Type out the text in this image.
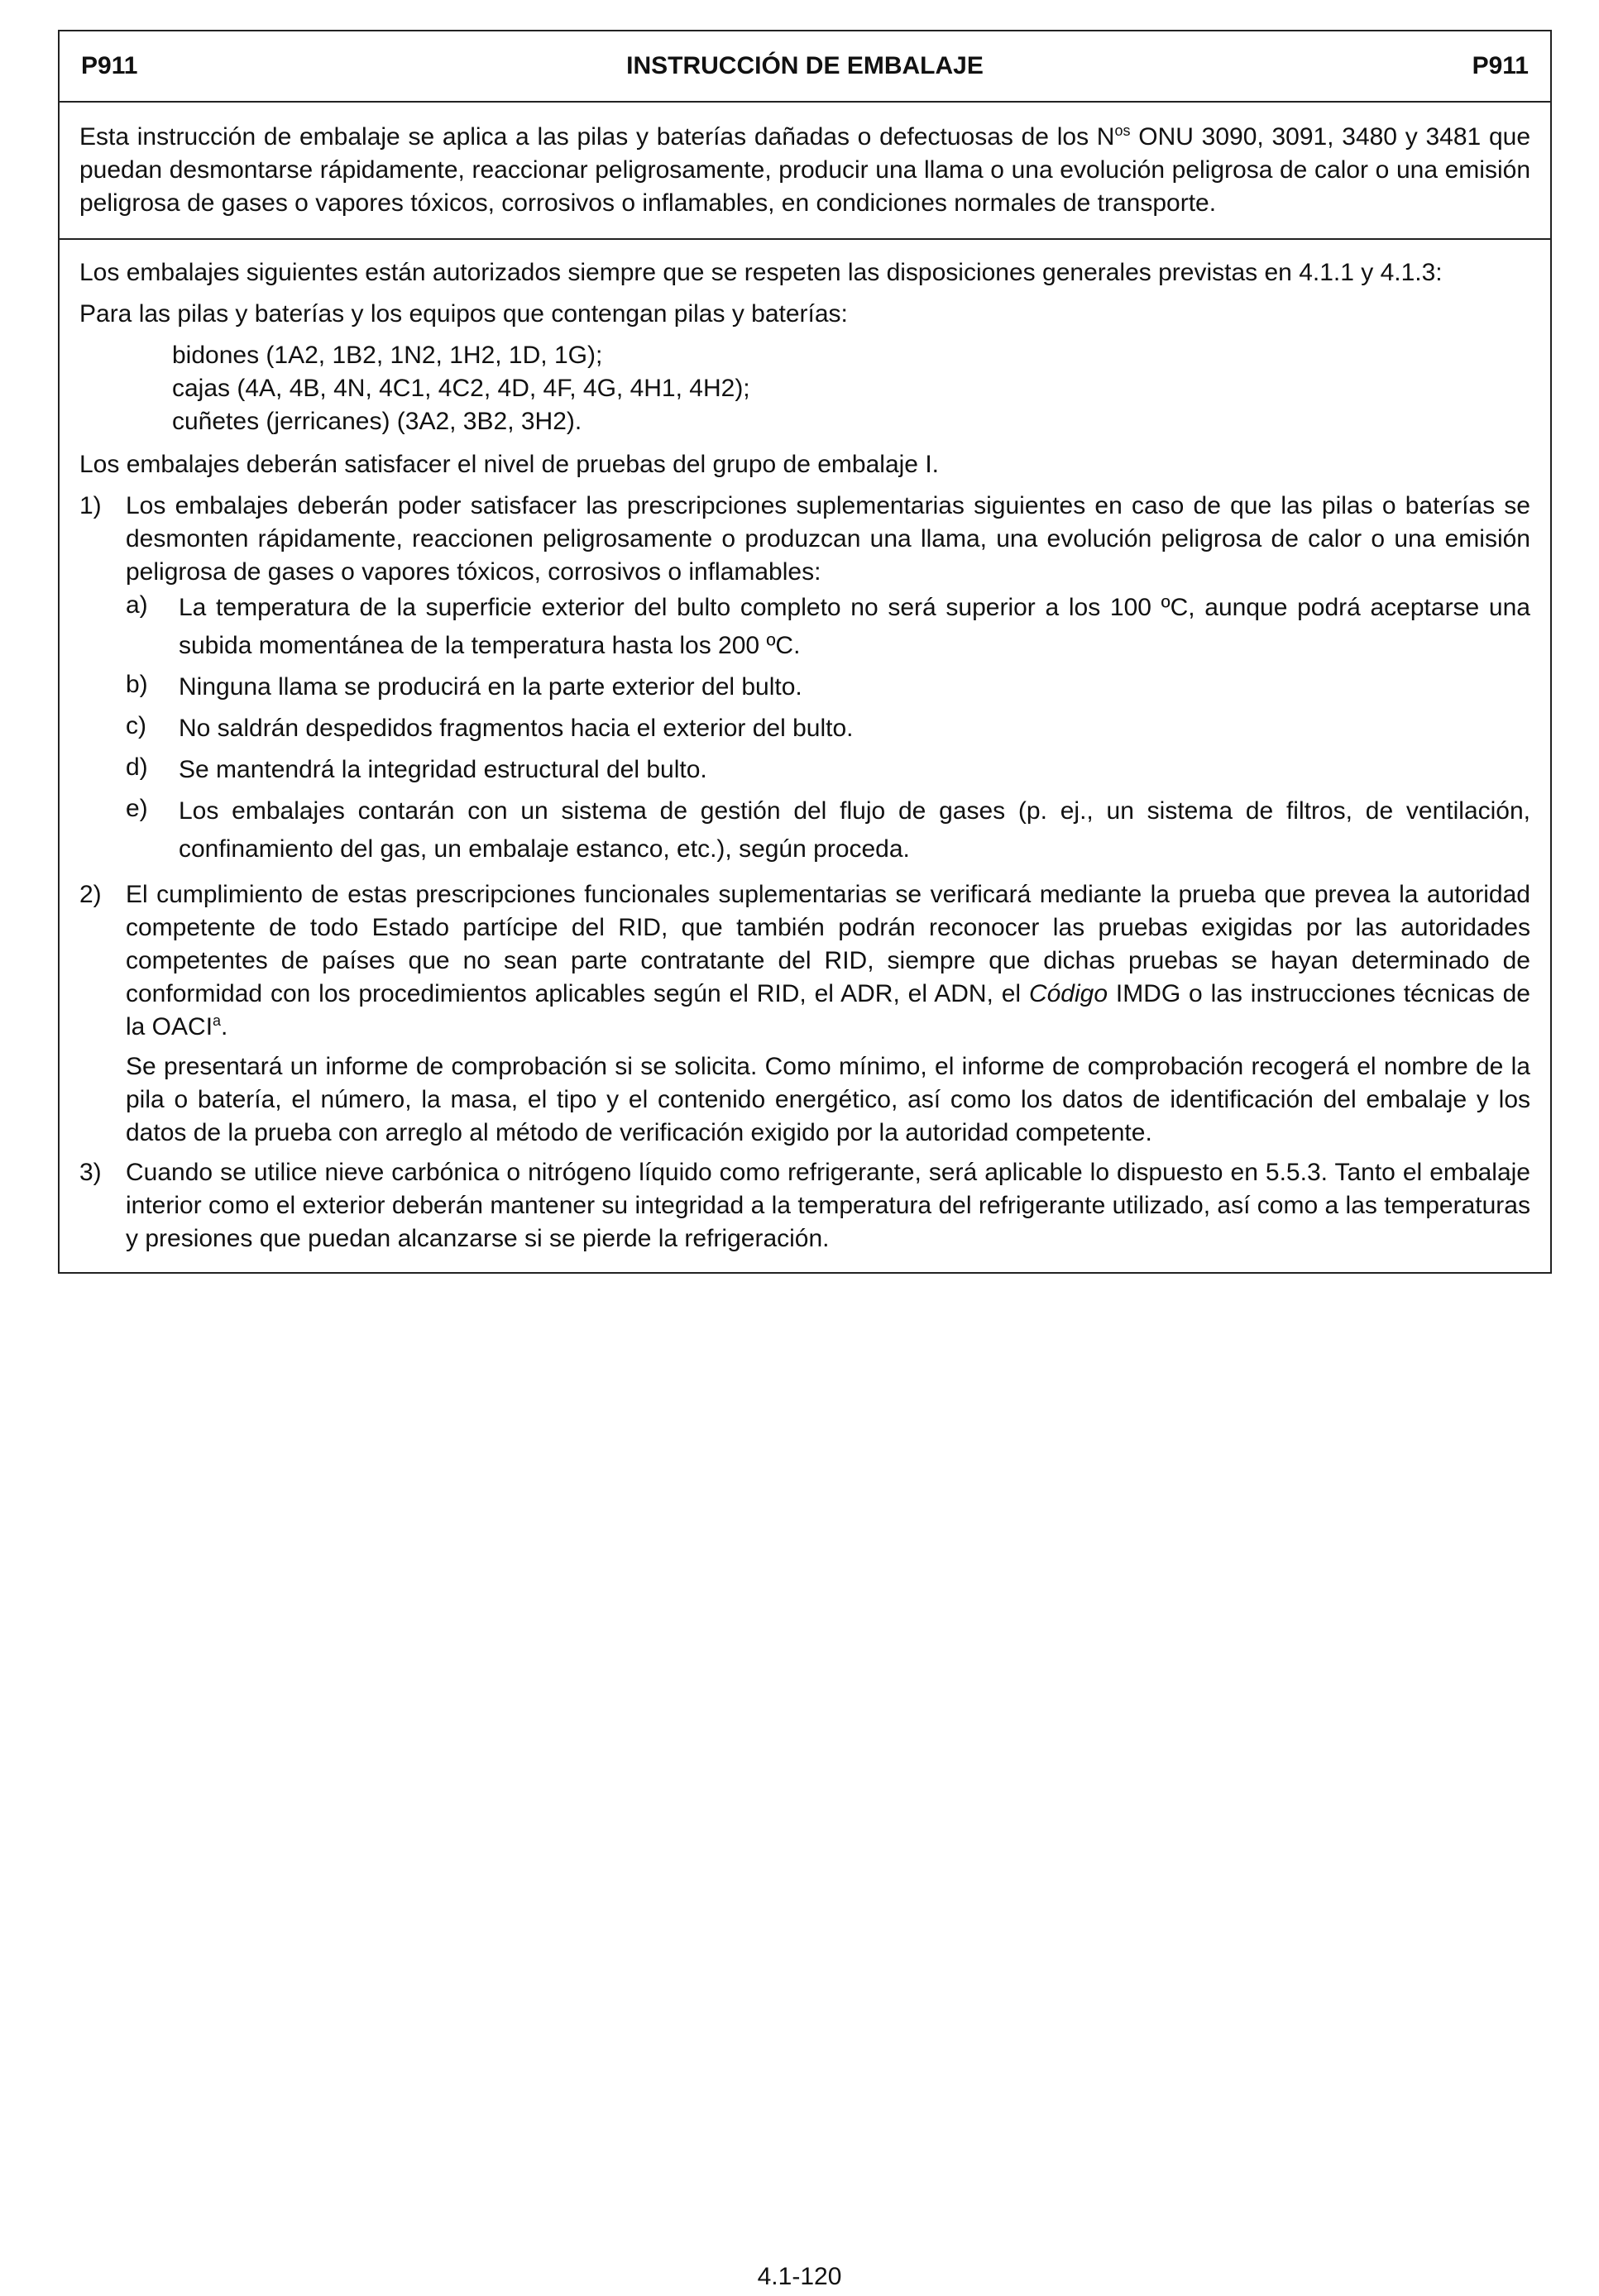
P911	INSTRUCCIÓN DE EMBALAJE	P911

Esta instrucción de embalaje se aplica a las pilas y baterías dañadas o defectuosas de los $N^{os}$ ONU 3090, 3091, 3480 y 3481 que puedan desmontarse rápidamente, reaccionar peligrosamente, producir una llama o una evolución peligrosa de calor o una emisión peligrosa de gases o vapores tóxicos, corrosivos o inflamables, en condiciones normales de transporte.

Los embalajes siguientes están autorizados siempre que se respeten las disposiciones generales previstas en 4.1.1 y 4.1.3:

Para las pilas y baterías y los equipos que contengan pilas y baterías:

bidones (1A2, 1B2, 1N2, 1H2, 1D, 1G);
cajas (4A, 4B, 4N, 4C1, 4C2, 4D, 4F, 4G, 4H1, 4H2);
cuñetes (jerricanes) (3A2, 3B2, 3H2).

Los embalajes deberán satisfacer el nivel de pruebas del grupo de embalaje I.

1) Los embalajes deberán poder satisfacer las prescripciones suplementarias siguientes en caso de que las pilas o baterías se desmonten rápidamente, reaccionen peligrosamente o produzcan una llama, una evolución peligrosa de calor o una emisión peligrosa de gases o vapores tóxicos, corrosivos o inflamables:
a)	La temperatura de la superficie exterior del bulto completo no será superior a los 100 ºC, aunque podrá aceptarse una subida momentánea de la temperatura hasta los 200 ºC.
b)	Ninguna llama se producirá en la parte exterior del bulto.
c)	No saldrán despedidos fragmentos hacia el exterior del bulto.
d)	Se mantendrá la integridad estructural del bulto.
e)	Los embalajes contarán con un sistema de gestión del flujo de gases (p. ej., un sistema de filtros, de ventilación, confinamiento del gas, un embalaje estanco, etc.), según proceda.
2) El cumplimiento de estas prescripciones funcionales suplementarias se verificará mediante la prueba que prevea la autoridad competente de todo Estado partícipe del RID, que también podrán reconocer las pruebas exigidas por las autoridades competentes de países que no sean parte contratante del RID, siempre que dichas pruebas se hayan determinado de conformidad con los procedimientos aplicables según el RID, el ADR, el ADN, el Código IMDG o las instrucciones técnicas de la OACI$^a$.
Se presentará un informe de comprobación si se solicita. Como mínimo, el informe de comprobación recogerá el nombre de la pila o batería, el número, la masa, el tipo y el contenido energético, así como los datos de identificación del embalaje y los datos de la prueba con arreglo al método de verificación exigido por la autoridad competente.
3) Cuando se utilice nieve carbónica o nitrógeno líquido como refrigerante, será aplicable lo dispuesto en 5.5.3. Tanto el embalaje interior como el exterior deberán mantener su integridad a la temperatura del refrigerante utilizado, así como a las temperaturas y presiones que puedan alcanzarse si se pierde la refrigeración.
4.1-120
